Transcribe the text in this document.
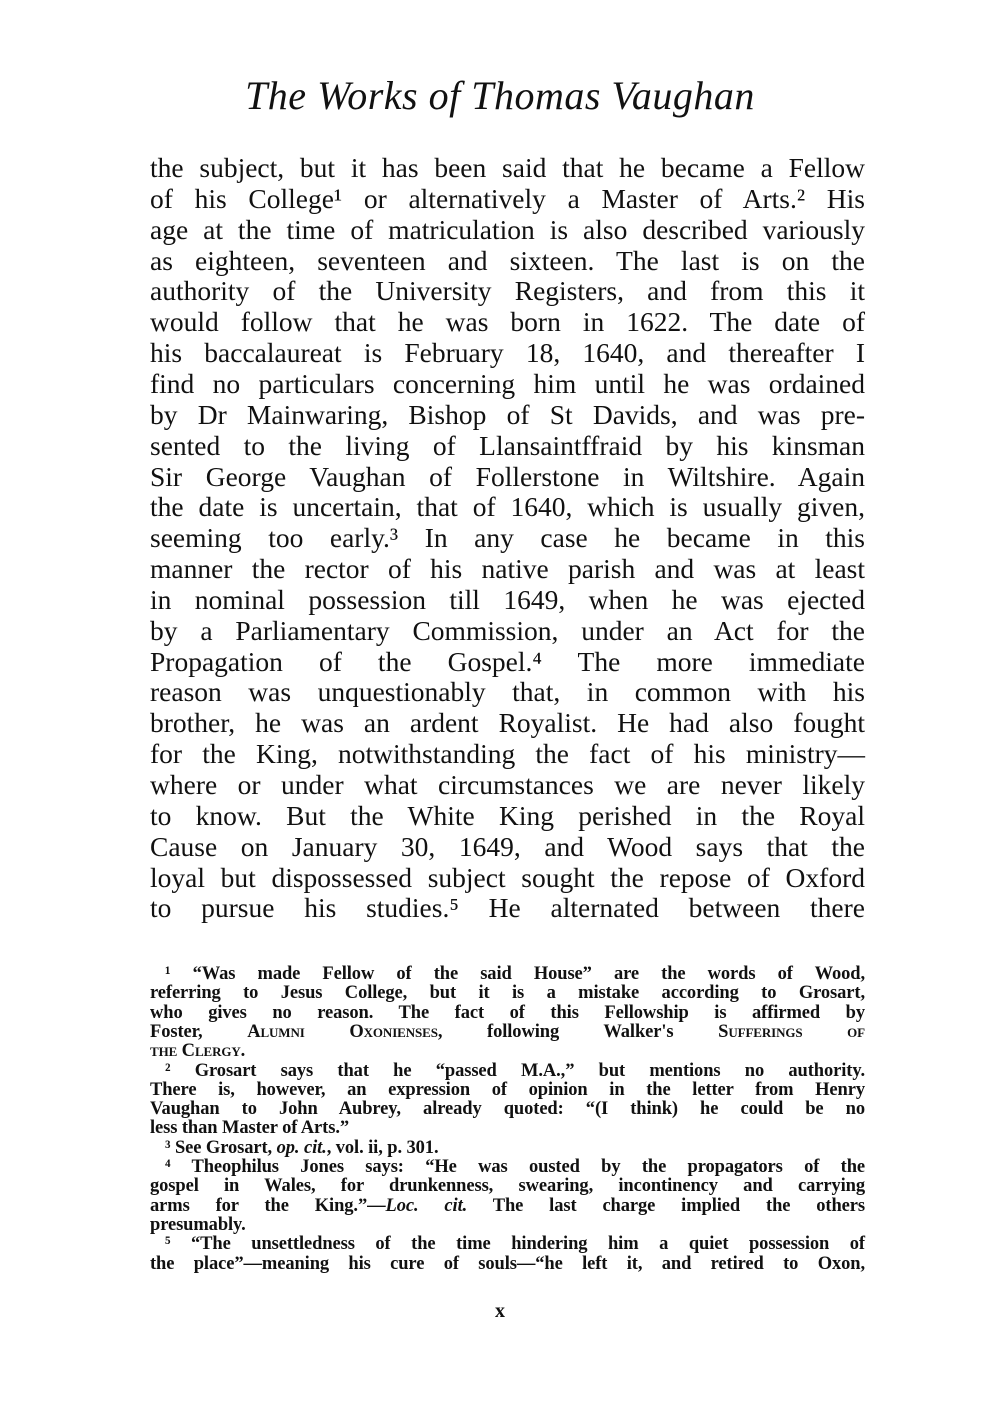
The Works of Thomas Vaughan
the subject, but it has been said that he became a Fellow
of his College¹ or alternatively a Master of Arts.² His
age at the time of matriculation is also described variously
as eighteen, seventeen and sixteen. The last is on the
authority of the University Registers, and from this it
would follow that he was born in 1622. The date of
his baccalaureat is February 18, 1640, and thereafter I
find no particulars concerning him until he was ordained
by Dr Mainwaring, Bishop of St Davids, and was pre-
sented to the living of Llansaintffraid by his kinsman
Sir George Vaughan of Follerstone in Wiltshire. Again
the date is uncertain, that of 1640, which is usually given,
seeming too early.³ In any case he became in this
manner the rector of his native parish and was at least
in nominal possession till 1649, when he was ejected
by a Parliamentary Commission, under an Act for the
Propagation of the Gospel.⁴ The more immediate
reason was unquestionably that, in common with his
brother, he was an ardent Royalist. He had also fought
for the King, notwithstanding the fact of his ministry—
where or under what circumstances we are never likely
to know. But the White King perished in the Royal
Cause on January 30, 1649, and Wood says that the
loyal but dispossessed subject sought the repose of Oxford
to pursue his studies.⁵ He alternated between there
¹ “Was made Fellow of the said House” are the words of Wood,
referring to Jesus College, but it is a mistake according to Grosart,
who gives no reason. The fact of this Fellowship is affirmed by
Foster, Alumni Oxonienses, following Walker's Sufferings of
the Clergy.
² Grosart says that he “passed M.A.,” but mentions no authority.
There is, however, an expression of opinion in the letter from Henry
Vaughan to John Aubrey, already quoted: “(I think) he could be no
less than Master of Arts.”
³ See Grosart, op. cit., vol. ii, p. 301.
⁴ Theophilus Jones says: “He was ousted by the propagators of the
gospel in Wales, for drunkenness, swearing, incontinency and carrying
arms for the King.”—Loc. cit. The last charge implied the others
presumably.
⁵ “The unsettledness of the time hindering him a quiet possession of
the place”—meaning his cure of souls—“he left it, and retired to Oxon,
x
